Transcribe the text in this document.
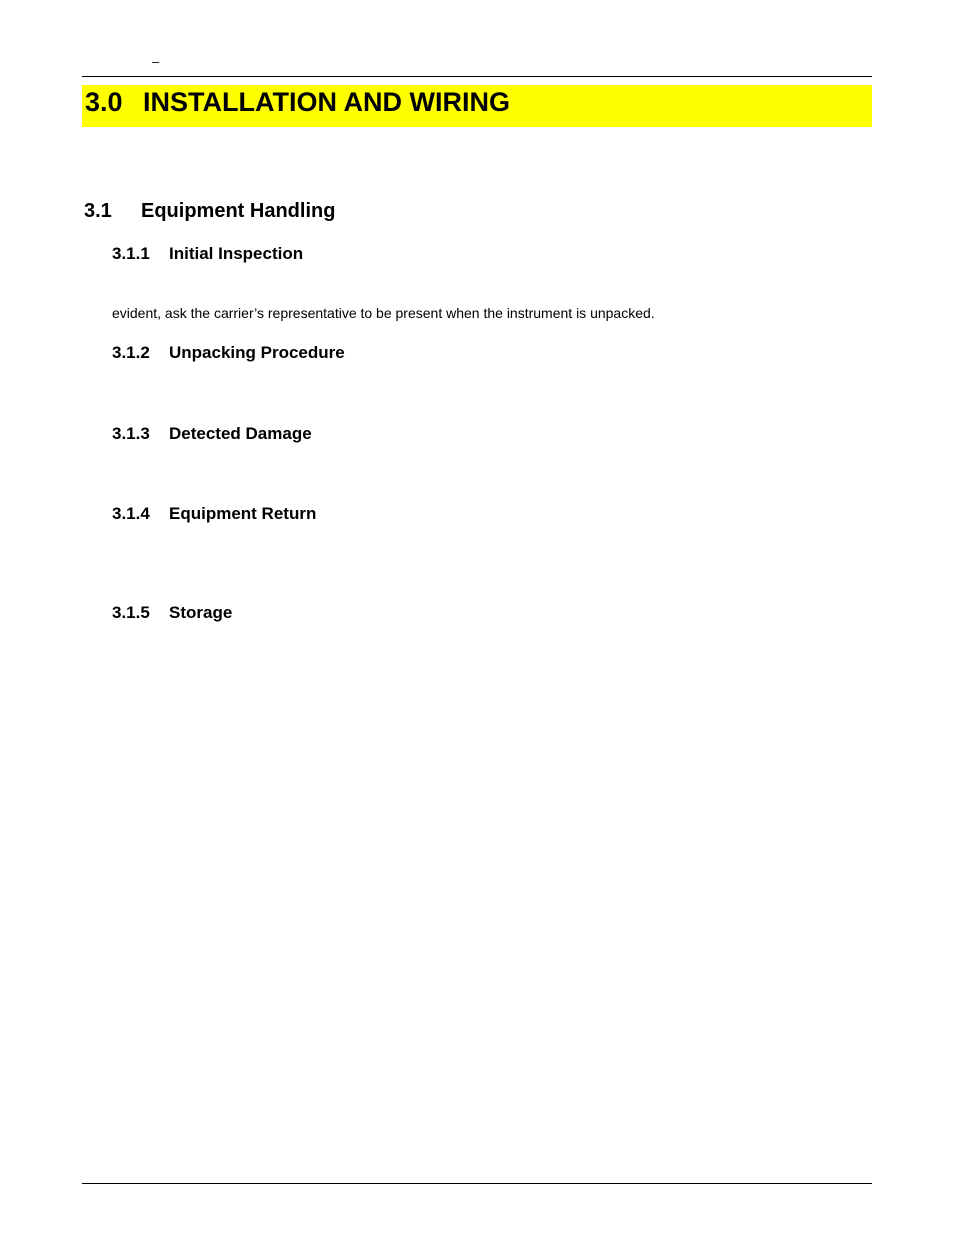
–
3.0 INSTALLATION AND WIRING
3.1 Equipment Handling
3.1.1 Initial Inspection
evident, ask the carrier’s representative to be present when the instrument is unpacked.
3.1.2 Unpacking Procedure
3.1.3 Detected Damage
3.1.4 Equipment Return
3.1.5 Storage
